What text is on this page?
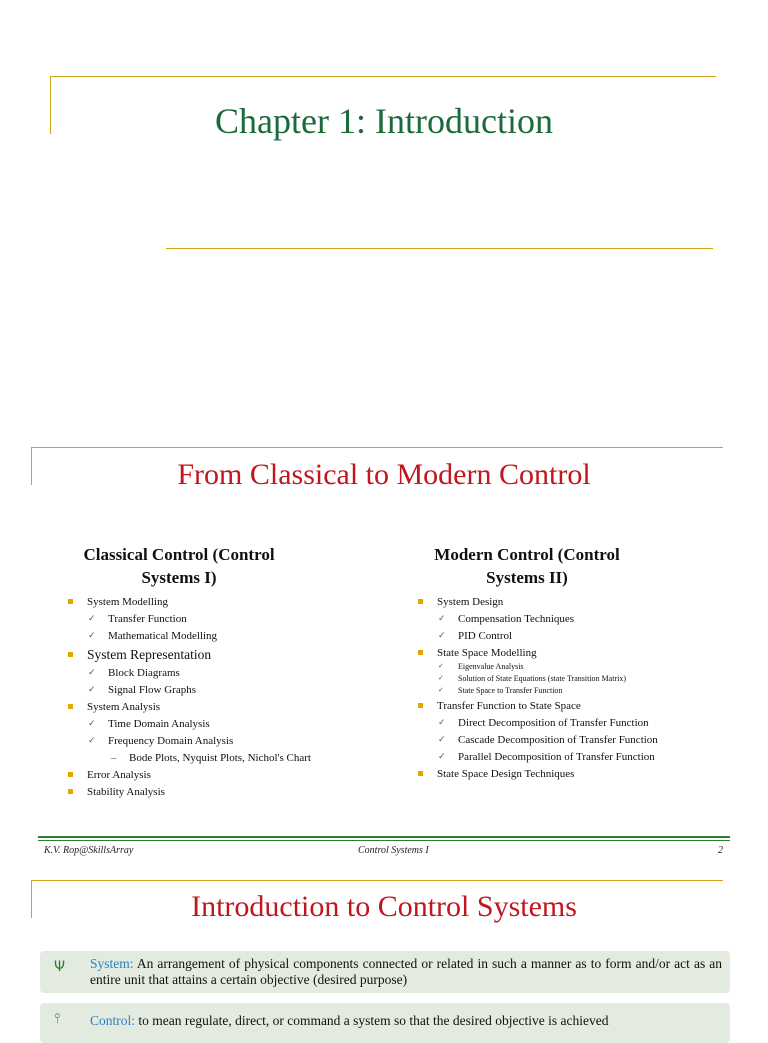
Chapter 1: Introduction
From Classical to Modern Control
Classical Control (Control Systems I)
System Modelling
✓ Transfer Function
✓ Mathematical Modelling
System Representation
✓ Block Diagrams
✓ Signal Flow Graphs
System Analysis
✓ Time Domain Analysis
✓ Frequency Domain Analysis
– Bode Plots, Nyquist Plots, Nichol's Chart
Error Analysis
Stability Analysis
Modern Control (Control Systems II)
System Design
✓ Compensation Techniques
✓ PID Control
State Space Modelling
✓ Eigenvalue Analysis
✓ Solution of State Equations (state Transition Matrix)
✓ State Space to Transfer Function
Transfer Function to State Space
✓ Direct Decomposition of Transfer Function
✓ Cascade Decomposition of Transfer Function
✓ Parallel Decomposition of Transfer Function
State Space Design Techniques
K.V. Rop@SkillsArray	Control Systems I	2
Introduction to Control Systems
Ψ System: An arrangement of physical components connected or related in such a manner as to form and/or act as an entire unit that attains a certain objective (desired purpose)
⫯ Control: to mean regulate, direct, or command a system so that the desired objective is achieved
